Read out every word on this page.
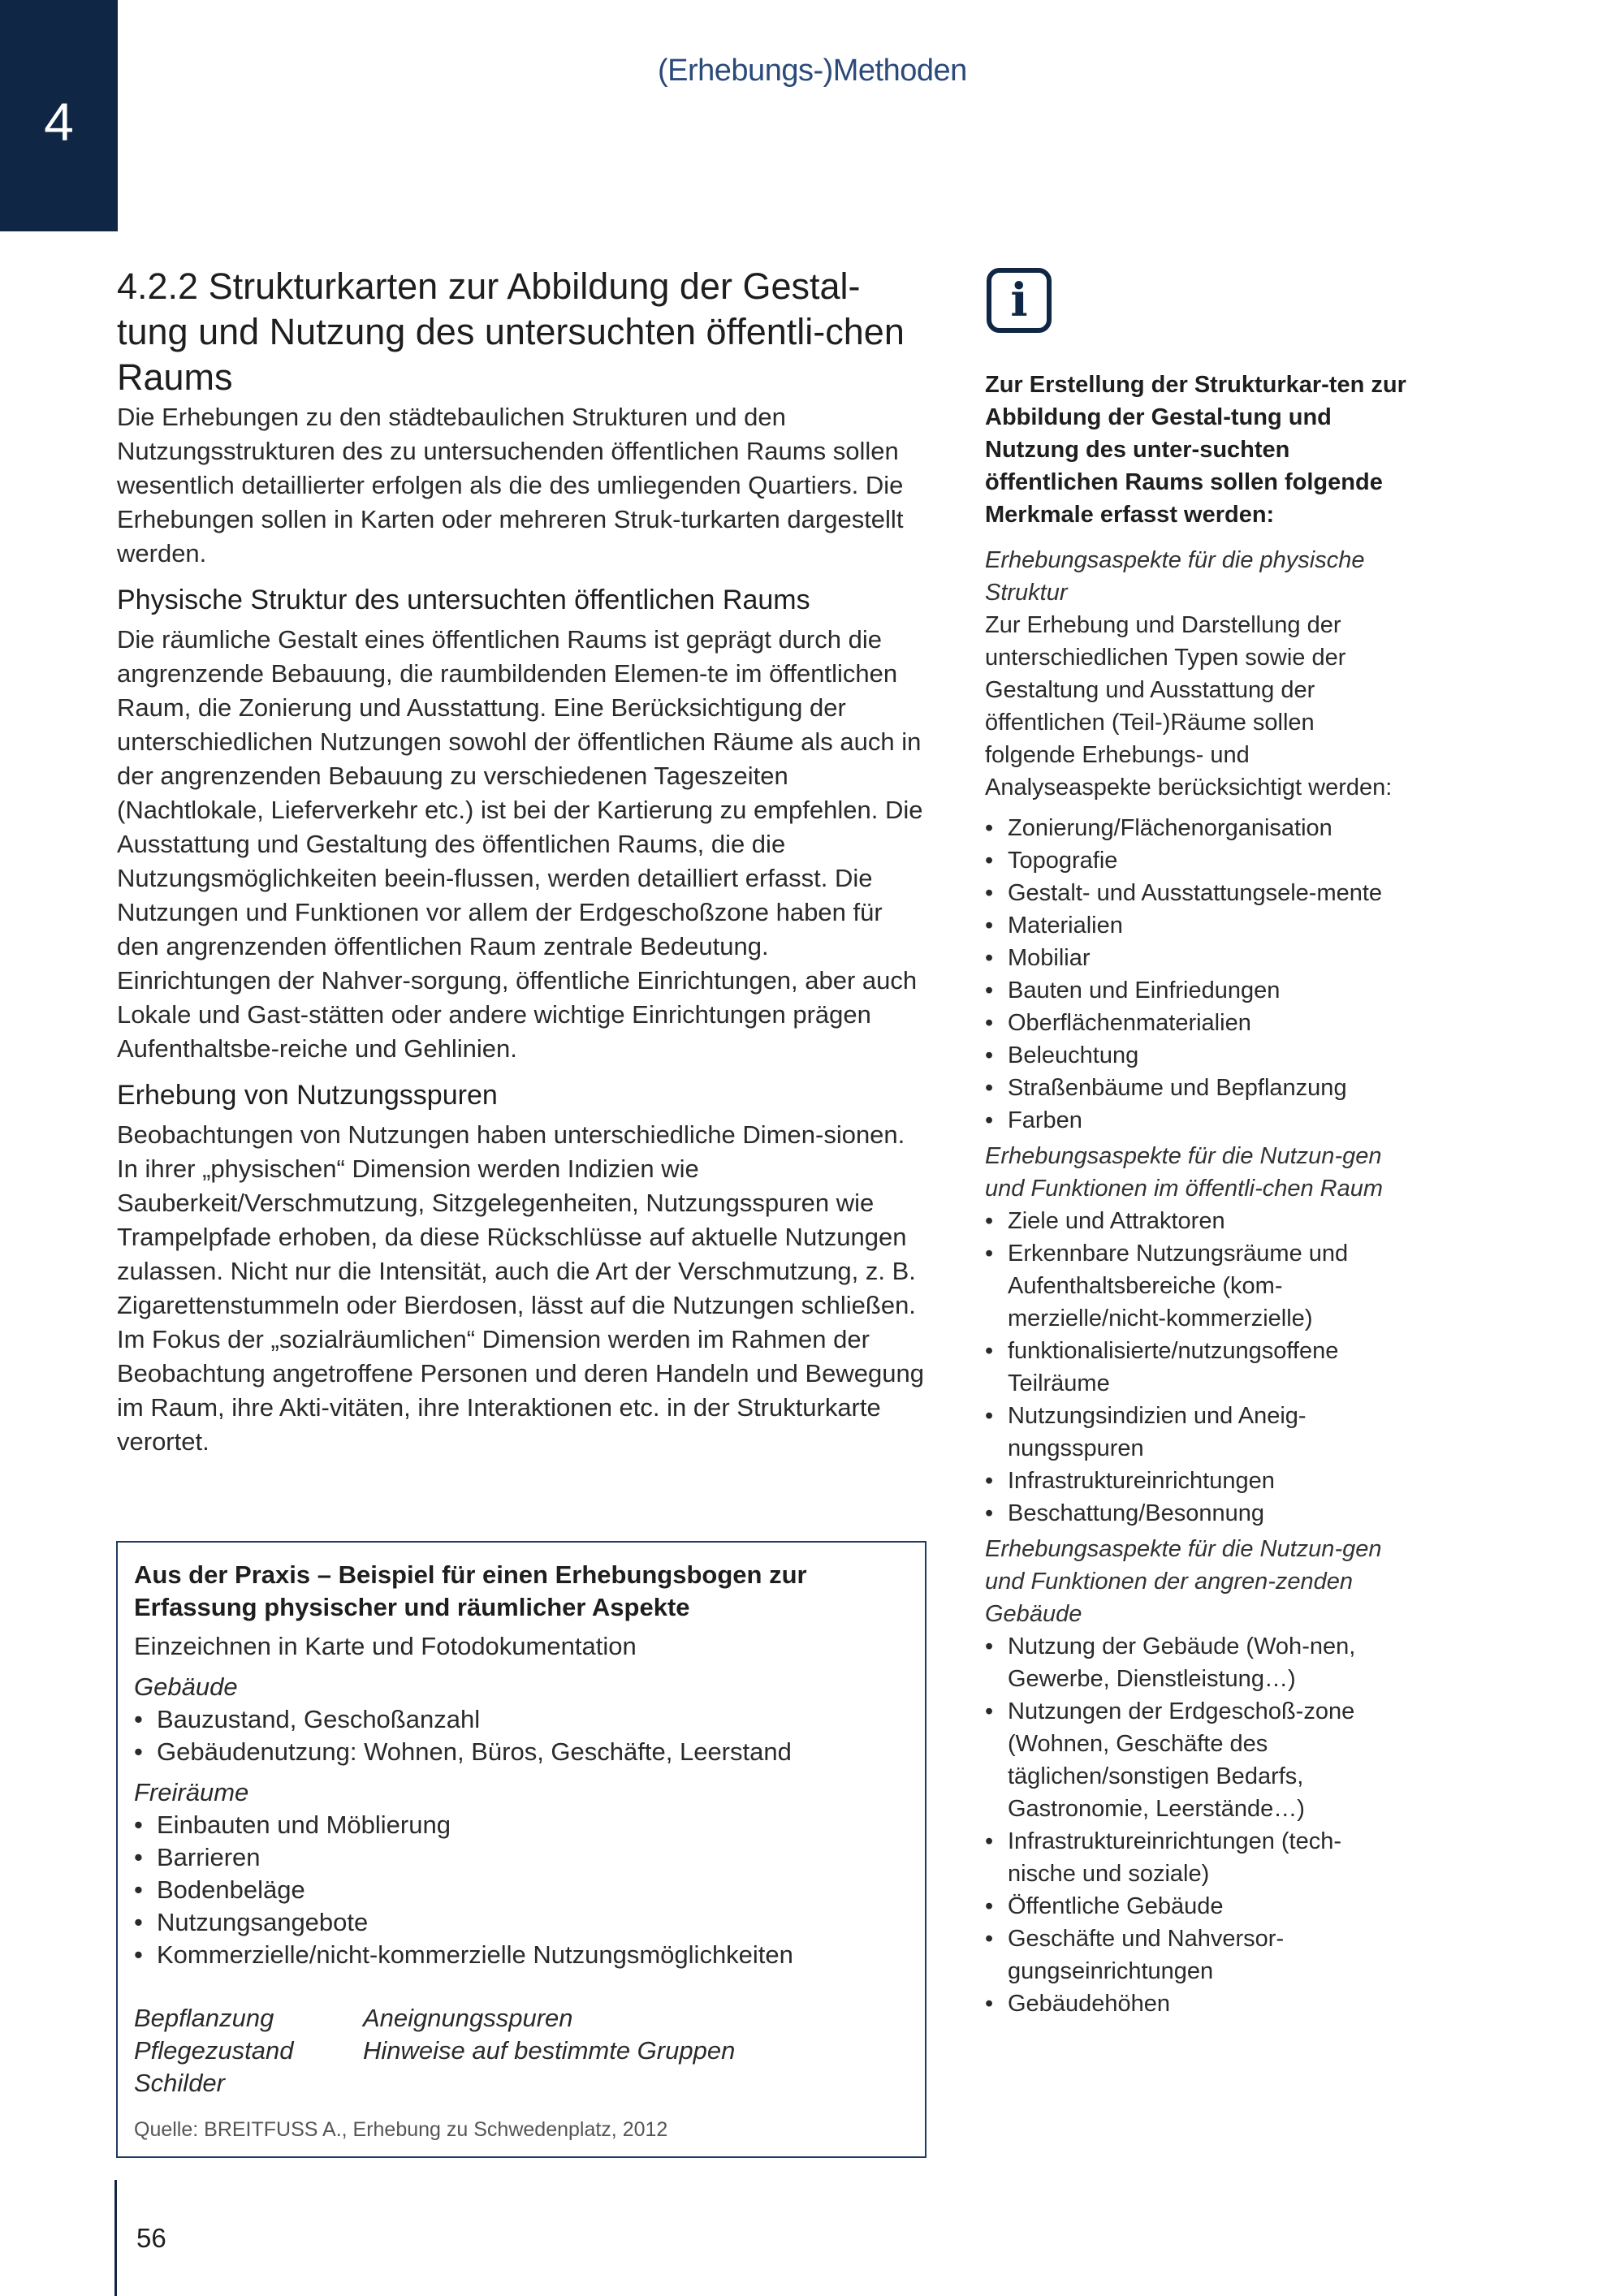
4
(Erhebungs-)Methoden
4.2.2 Strukturkarten zur Abbildung der Gestal-tung und Nutzung des untersuchten öffentli-chen Raums

Die Erhebungen zu den städtebaulichen Strukturen und den Nutzungsstrukturen des zu untersuchenden öffentlichen Raums sollen wesentlich detaillierter erfolgen als die des umliegenden Quartiers. Die Erhebungen sollen in Karten oder mehreren Struk-turkarten dargestellt werden.

Physische Struktur des untersuchten öffentlichen Raums

Die räumliche Gestalt eines öffentlichen Raums ist geprägt durch die angrenzende Bebauung, die raumbildenden Elemen-te im öffentlichen Raum, die Zonierung und Ausstattung. Eine Berücksichtigung der unterschiedlichen Nutzungen sowohl der öffentlichen Räume als auch in der angrenzenden Bebauung zu verschiedenen Tageszeiten (Nachtlokale, Lieferverkehr etc.) ist bei der Kartierung zu empfehlen. Die Ausstattung und Gestaltung des öffentlichen Raums, die die Nutzungsmöglichkeiten beein-flussen, werden detailliert erfasst. Die Nutzungen und Funktionen vor allem der Erdgeschoßzone haben für den angrenzenden öffentlichen Raum zentrale Bedeutung. Einrichtungen der Nahver-sorgung, öffentliche Einrichtungen, aber auch Lokale und Gast-stätten oder andere wichtige Einrichtungen prägen Aufenthaltsbe-reiche und Gehlinien.

Erhebung von Nutzungsspuren

Beobachtungen von Nutzungen haben unterschiedliche Dimen-sionen. In ihrer „physischen“ Dimension werden Indizien wie Sauberkeit/Verschmutzung, Sitzgelegenheiten, Nutzungsspuren wie Trampelpfade erhoben, da diese Rückschlüsse auf aktuelle Nutzungen zulassen. Nicht nur die Intensität, auch die Art der Verschmutzung, z. B. Zigarettenstummeln oder Bierdosen, lässt auf die Nutzungen schließen. Im Fokus der „sozialräumlichen“ Dimension werden im Rahmen der Beobachtung angetroffene Personen und deren Handeln und Bewegung im Raum, ihre Akti-vitäten, ihre Interaktionen etc. in der Strukturkarte verortet.

Aus der Praxis – Beispiel für einen Erhebungsbogen zur Erfassung physischer und räumlicher Aspekte

Einzeichnen in Karte und Fotodokumentation

Gebäude

• Bauzustand, Geschoßanzahl
• Gebäudenutzung: Wohnen, Büros, Geschäfte, Leerstand

Freiräume

• Einbauten und Möblierung
• Barrieren
• Bodenbeläge
• Nutzungsangebote
• Kommerzielle/nicht-kommerzielle Nutzungsmöglichkeiten
Bepflanzung
Pflegezustand
Schilder
Aneignungsspuren
Hinweise auf bestimmte Gruppen
Quelle: BREITFUSS A., Erhebung zu Schwedenplatz, 2012
i

Zur Erstellung der Strukturkar-ten zur Abbildung der Gestal-tung und Nutzung des unter-suchten öffentlichen Raums sollen folgende Merkmale erfasst werden:

Erhebungsaspekte für die physische Struktur

Zur Erhebung und Darstellung der unterschiedlichen Typen sowie der Gestaltung und Ausstattung der öffentlichen (Teil-)Räume sollen folgende Erhebungs- und Analyseaspekte berücksichtigt werden:

• Zonierung/Flächenorganisation
• Topografie
• Gestalt- und Ausstattungsele-mente
• Materialien
• Mobiliar
• Bauten und Einfriedungen
• Oberflächenmaterialien
• Beleuchtung
• Straßenbäume und Bepflanzung
• Farben

Erhebungsaspekte für die Nutzun-gen und Funktionen im öffentli-chen Raum

• Ziele und Attraktoren
• Erkennbare Nutzungsräume und Aufenthaltsbereiche (kom-merzielle/nicht-kommerzielle)
• funktionalisierte/nutzungsoffene Teilräume
• Nutzungsindizien und Aneig-nungsspuren
• Infrastruktureinrichtungen
• Beschattung/Besonnung

Erhebungsaspekte für die Nutzun-gen und Funktionen der angren-zenden Gebäude

• Nutzung der Gebäude (Woh-nen, Gewerbe, Dienstleistung…)
• Nutzungen der Erdgeschoß-zone (Wohnen, Geschäfte des täglichen/sonstigen Bedarfs, Gastronomie, Leerstände…)
• Infrastruktureinrichtungen (tech-nische und soziale)
• Öffentliche Gebäude
• Geschäfte und Nahversor-gungseinrichtungen
• Gebäudehöhen
56
